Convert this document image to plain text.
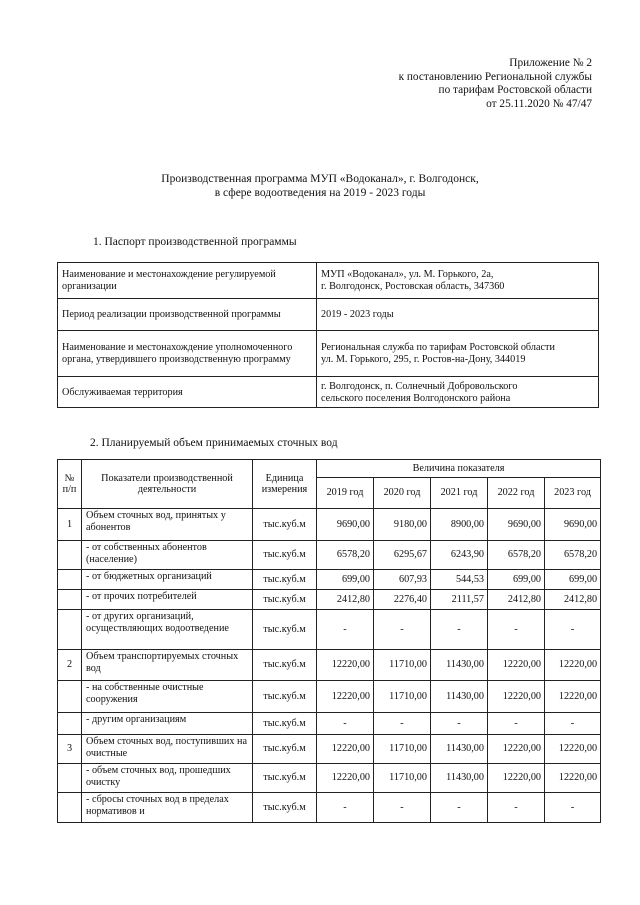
Приложение № 2
к постановлению Региональной службы
по тарифам Ростовской области
от 25.11.2020 № 47/47
Производственная программа МУП «Водоканал», г. Волгодонск,
в сфере водоотведения на 2019 - 2023 годы
1. Паспорт производственной программы
Наименование и местонахождение регулируемой организации	МУП «Водоканал», ул. М. Горького, 2а,
г. Волгодонск, Ростовская область, 347360

Период реализации производственной программы	2019 - 2023 годы

Наименование и местонахождение уполномоченного органа, утвердившего производственную программу	Региональная служба по тарифам Ростовской области
ул. М. Горького, 295, г. Ростов-на-Дону, 344019

Обслуживаемая территория	г. Волгодонск, п. Солнечный Добровольского
сельского поселения Волгодонского района
2. Планируемый объем принимаемых сточных вод
№ п/п	Показатели производственной деятельности	Единица измерения	Величина показателя				
			2019 год	2020 год	2021 год	2022 год	2023 год
1	Объем сточных вод, принятых у абонентов	тыс.куб.м	9690,00	9180,00	8900,00	9690,00	9690,00
	- от собственных абонентов (население)	тыс.куб.м	6578,20	6295,67	6243,90	6578,20	6578,20
	- от бюджетных организаций	тыс.куб.м	699,00	607,93	544,53	699,00	699,00
	- от прочих потребителей	тыс.куб.м	2412,80	2276,40	2111,57	2412,80	2412,80
	- от других организаций, осуществляющих водоотведение	тыс.куб.м	-	-	-	-	-
2	Объем транспортируемых сточных вод	тыс.куб.м	12220,00	11710,00	11430,00	12220,00	12220,00
	- на собственные очистные сооружения	тыс.куб.м	12220,00	11710,00	11430,00	12220,00	12220,00
	- другим организациям	тыс.куб.м	-	-	-	-	-
3	Объем сточных вод, поступивших на очистные	тыс.куб.м	12220,00	11710,00	11430,00	12220,00	12220,00
	- объем сточных вод, прошедших очистку	тыс.куб.м	12220,00	11710,00	11430,00	12220,00	12220,00
	- сбросы сточных вод в пределах нормативов и	тыс.куб.м	-	-	-	-	-
